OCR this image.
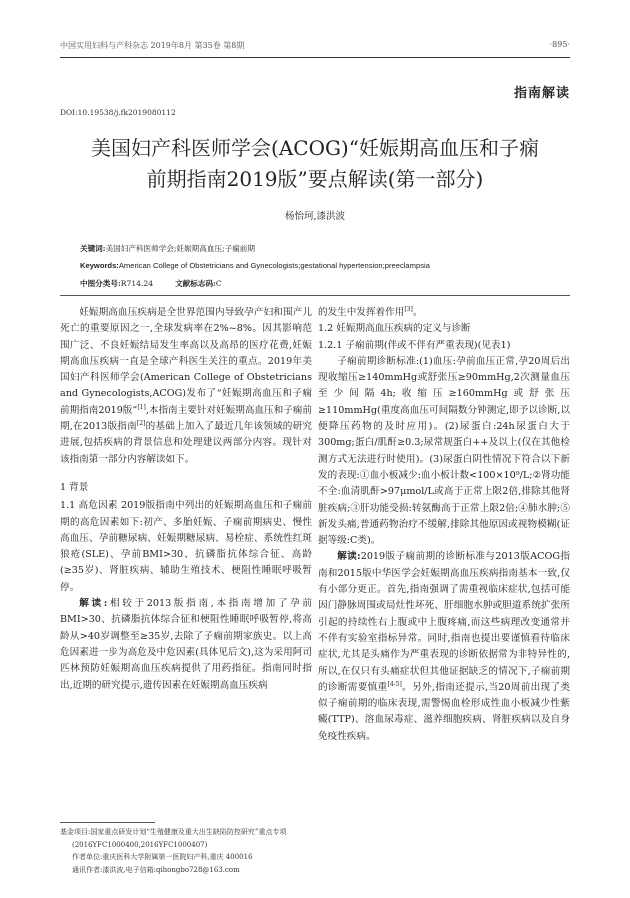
中国实用妇科与产科杂志 2019年8月 第35卷 第8期	·895·
指南解读
DOI:10.19538/j.fk2019080112
美国妇产科医师学会(ACOG)“妊娠期高血压和子痫
前期指南2019版”要点解读(第一部分)
杨怡珂,漆洪波
关键词:美国妇产科医师学会;妊娠期高血压;子痫前期
Keywords:American College of Obstetricians and Gynecologists;gestational hypertension;preeclampsia
中图分类号:R714.24	文献标志码:C

妊娠期高血压疾病是全世界范围内导致孕产妇和围产儿死亡的重要原因之一,全球发病率在2%~8%。因其影响范围广泛、不良妊娠结局发生率高以及高昂的医疗花费,妊娠期高血压疾病一直是全球产科医生关注的重点。2019年美国妇产科医师学会(American College of Obstetricians and Gynecologists,ACOG)发布了“妊娠期高血压和子痫前期指南2019版”[1],本指南主要针对妊娠期高血压和子痫前期,在2013版指南[2]的基础上加入了最近几年该领域的研究进展,包括疾病的背景信息和处理建议两部分内容。现针对该指南第一部分内容解读如下。

1 背景

1.1 高危因素 2019版指南中列出的妊娠期高血压和子痫前期的高危因素如下:初产、多胎妊娠、子痫前期病史、慢性高血压、孕前糖尿病、妊娠期糖尿病、易栓症、系统性红斑狼疮(SLE)、孕前BMI>30、抗磷脂抗体综合征、高龄(≥35岁)、肾脏疾病、辅助生殖技术、梗阻性睡眠呼吸暂停。

解读:相较于2013版指南,本指南增加了孕前BMI>30、抗磷脂抗体综合征和梗阻性睡眠呼吸暂停,将高龄从>40岁调整至≥35岁,去除了子痫前期家族史。以上高危因素进一步为高危及中危因素(具体见后文),这为采用阿司匹林预防妊娠期高血压疾病提供了用药指征。指南同时指出,近期的研究提示,遗传因素在妊娠期高血压疾病

的发生中发挥着作用[3]。

1.2 妊娠期高血压疾病的定义与诊断

1.2.1 子痫前期(伴或不伴有严重表现)(见表1)

子痫前期诊断标准:(1)血压:孕前血压正常,孕20周后出现收缩压≥140mmHg或舒张压≥90mmHg,2次测量血压至少间隔4h;收缩压≥160mmHg或舒张压≥110mmHg(重度高血压可间隔数分钟测定,即予以诊断,以便降压药物的及时应用)。(2)尿蛋白:24h尿蛋白大于300mg;蛋白/肌酐≥0.3;尿常规蛋白++及以上(仅在其他检测方式无法进行时使用)。(3)尿蛋白阴性情况下符合以下新发的表现:①血小板减少:血小板计数<100×10⁹/L;②肾功能不全:血清肌酐>97μmol/L或高于正常上限2倍,排除其他肾脏疾病;③肝功能受损:转氨酶高于正常上限2倍;④肺水肿;⑤新发头痛,普通药物治疗不缓解,排除其他原因或视物模糊(证据等级:C类)。

解读:2019版子痫前期的诊断标准与2013版ACOG指南和2015版中华医学会妊娠期高血压疾病指南基本一致,仅有小部分更正。首先,指南强调了需重视临床症状,包括可能因门静脉周围或局灶性坏死、肝细胞水肿或胆道系统扩张所引起的持续性右上腹或中上腹疼痛,而这些病理改变通常并不伴有实验室指标异常。同时,指南也提出要谨慎看待临床症状,尤其是头痛作为严重表现的诊断依据常为非特异性的,所以,在仅只有头痛症状但其他证据缺乏的情况下,子痫前期的诊断需要慎重[4-5]。另外,指南还提示,当20周前出现了类似子痫前期的临床表现,需警惕血栓形成性血小板减少性紫癜(TTP)、溶血尿毒症、滋养细胞疾病、肾脏疾病以及自身免疫性疾病。

基金项目:国家重点研发计划“生殖健康及重大出生缺陷防控研究”重点专项(2016YFC1000400,2016YFC1000407)
作者单位:重庆医科大学附属第一医院妇产科,重庆 400016
通讯作者:漆洪波,电子信箱:qihongbo728@163.com
